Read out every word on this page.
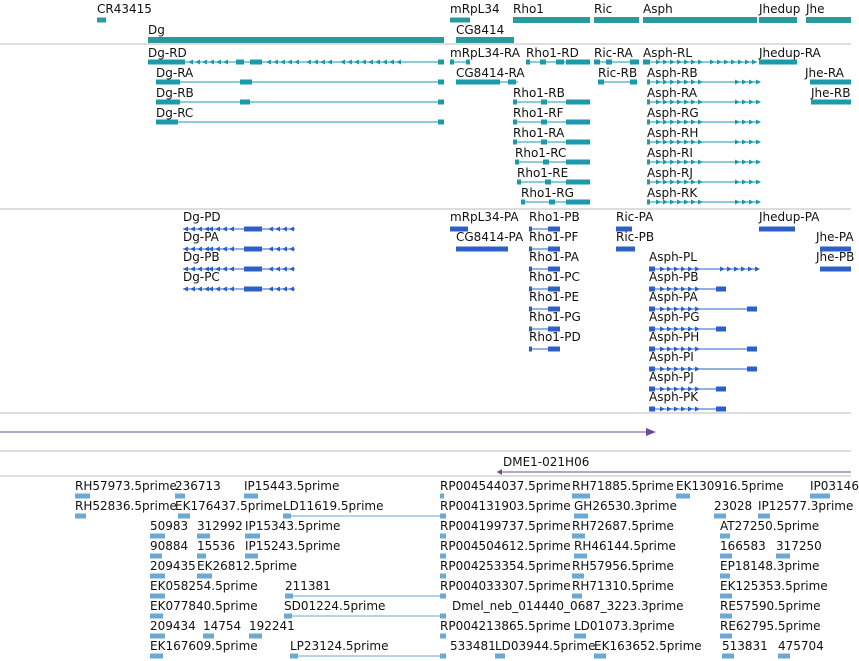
CR43415
Dg
mRpL34
CG8414
Rho1	Ric	Asph	Jhedup Jhe
Dg-RD
Dg-RA
Dg-RB
Dg-RC
mRpL34-RA
CG8414-RA
Rho1-RD
Rho1-RB
Rho1-RF
Rho1-RA
Rho1-RC
Rho1-RE
Rho1-RG
Ric-RA
Ric-RB
Asph-RL
Asph-RB
Asph-RA
Asph-RG
Asph-RH
Asph-RI
Asph-RJ
Asph-RK
Jhedup-RA
Jhe-RA
Jhe-RB
Dg-PD
Dg-PA
Dg-PB
Dg-PC
mRpL34-PA
CG8414-PA
Rho1-PB
Rho1-PF
Rho1-PA
Rho1-PC
Rho1-PE
Rho1-PG
Rho1-PD
Ric-PA
Ric-PB
Asph-PL
Asph-PB
Asph-PA
Asph-PG
Asph-PH
Asph-PI
Asph-PJ
Asph-PK
Jhedup-PA
Jhe-PA
Jhe-PB
DME1-021H06
RH57973.5prime
236713 IP15443.5prime	RP004544037.5prime RH71885.5prime EK130916.5prime IP03146
RH52836.5prime
EK176437.5prime LD11619.5prime	RP004131903.5prime GH26530.3prime	23028 IP12577.3prime
50983 312992 IP15343.5prime	RP004199737.5prime RH72687.5prime	AT27250.5prime
90884 15536 IP15243.5prime	RP004504612.5prime RH46144.5prime	166583 317250
209435 EK26812.5prime	RP004253354.5prime RH57956.5prime	EP18148.3prime
EK058254.5prime 211381	RP004033307.5prime RH71310.5prime	EK125353.5prime
EK077840.5prime SD01224.5prime	Dmel_neb_014440_0687_3223.3prime	RE57590.5prime
209434 14754 192241	RP004213865.5prime LD01073.3prime	RE62795.5prime
EK167609.5prime	LP23124.5prime	533481 LD03944.5prime
EK163652.5prime 513831 475704
